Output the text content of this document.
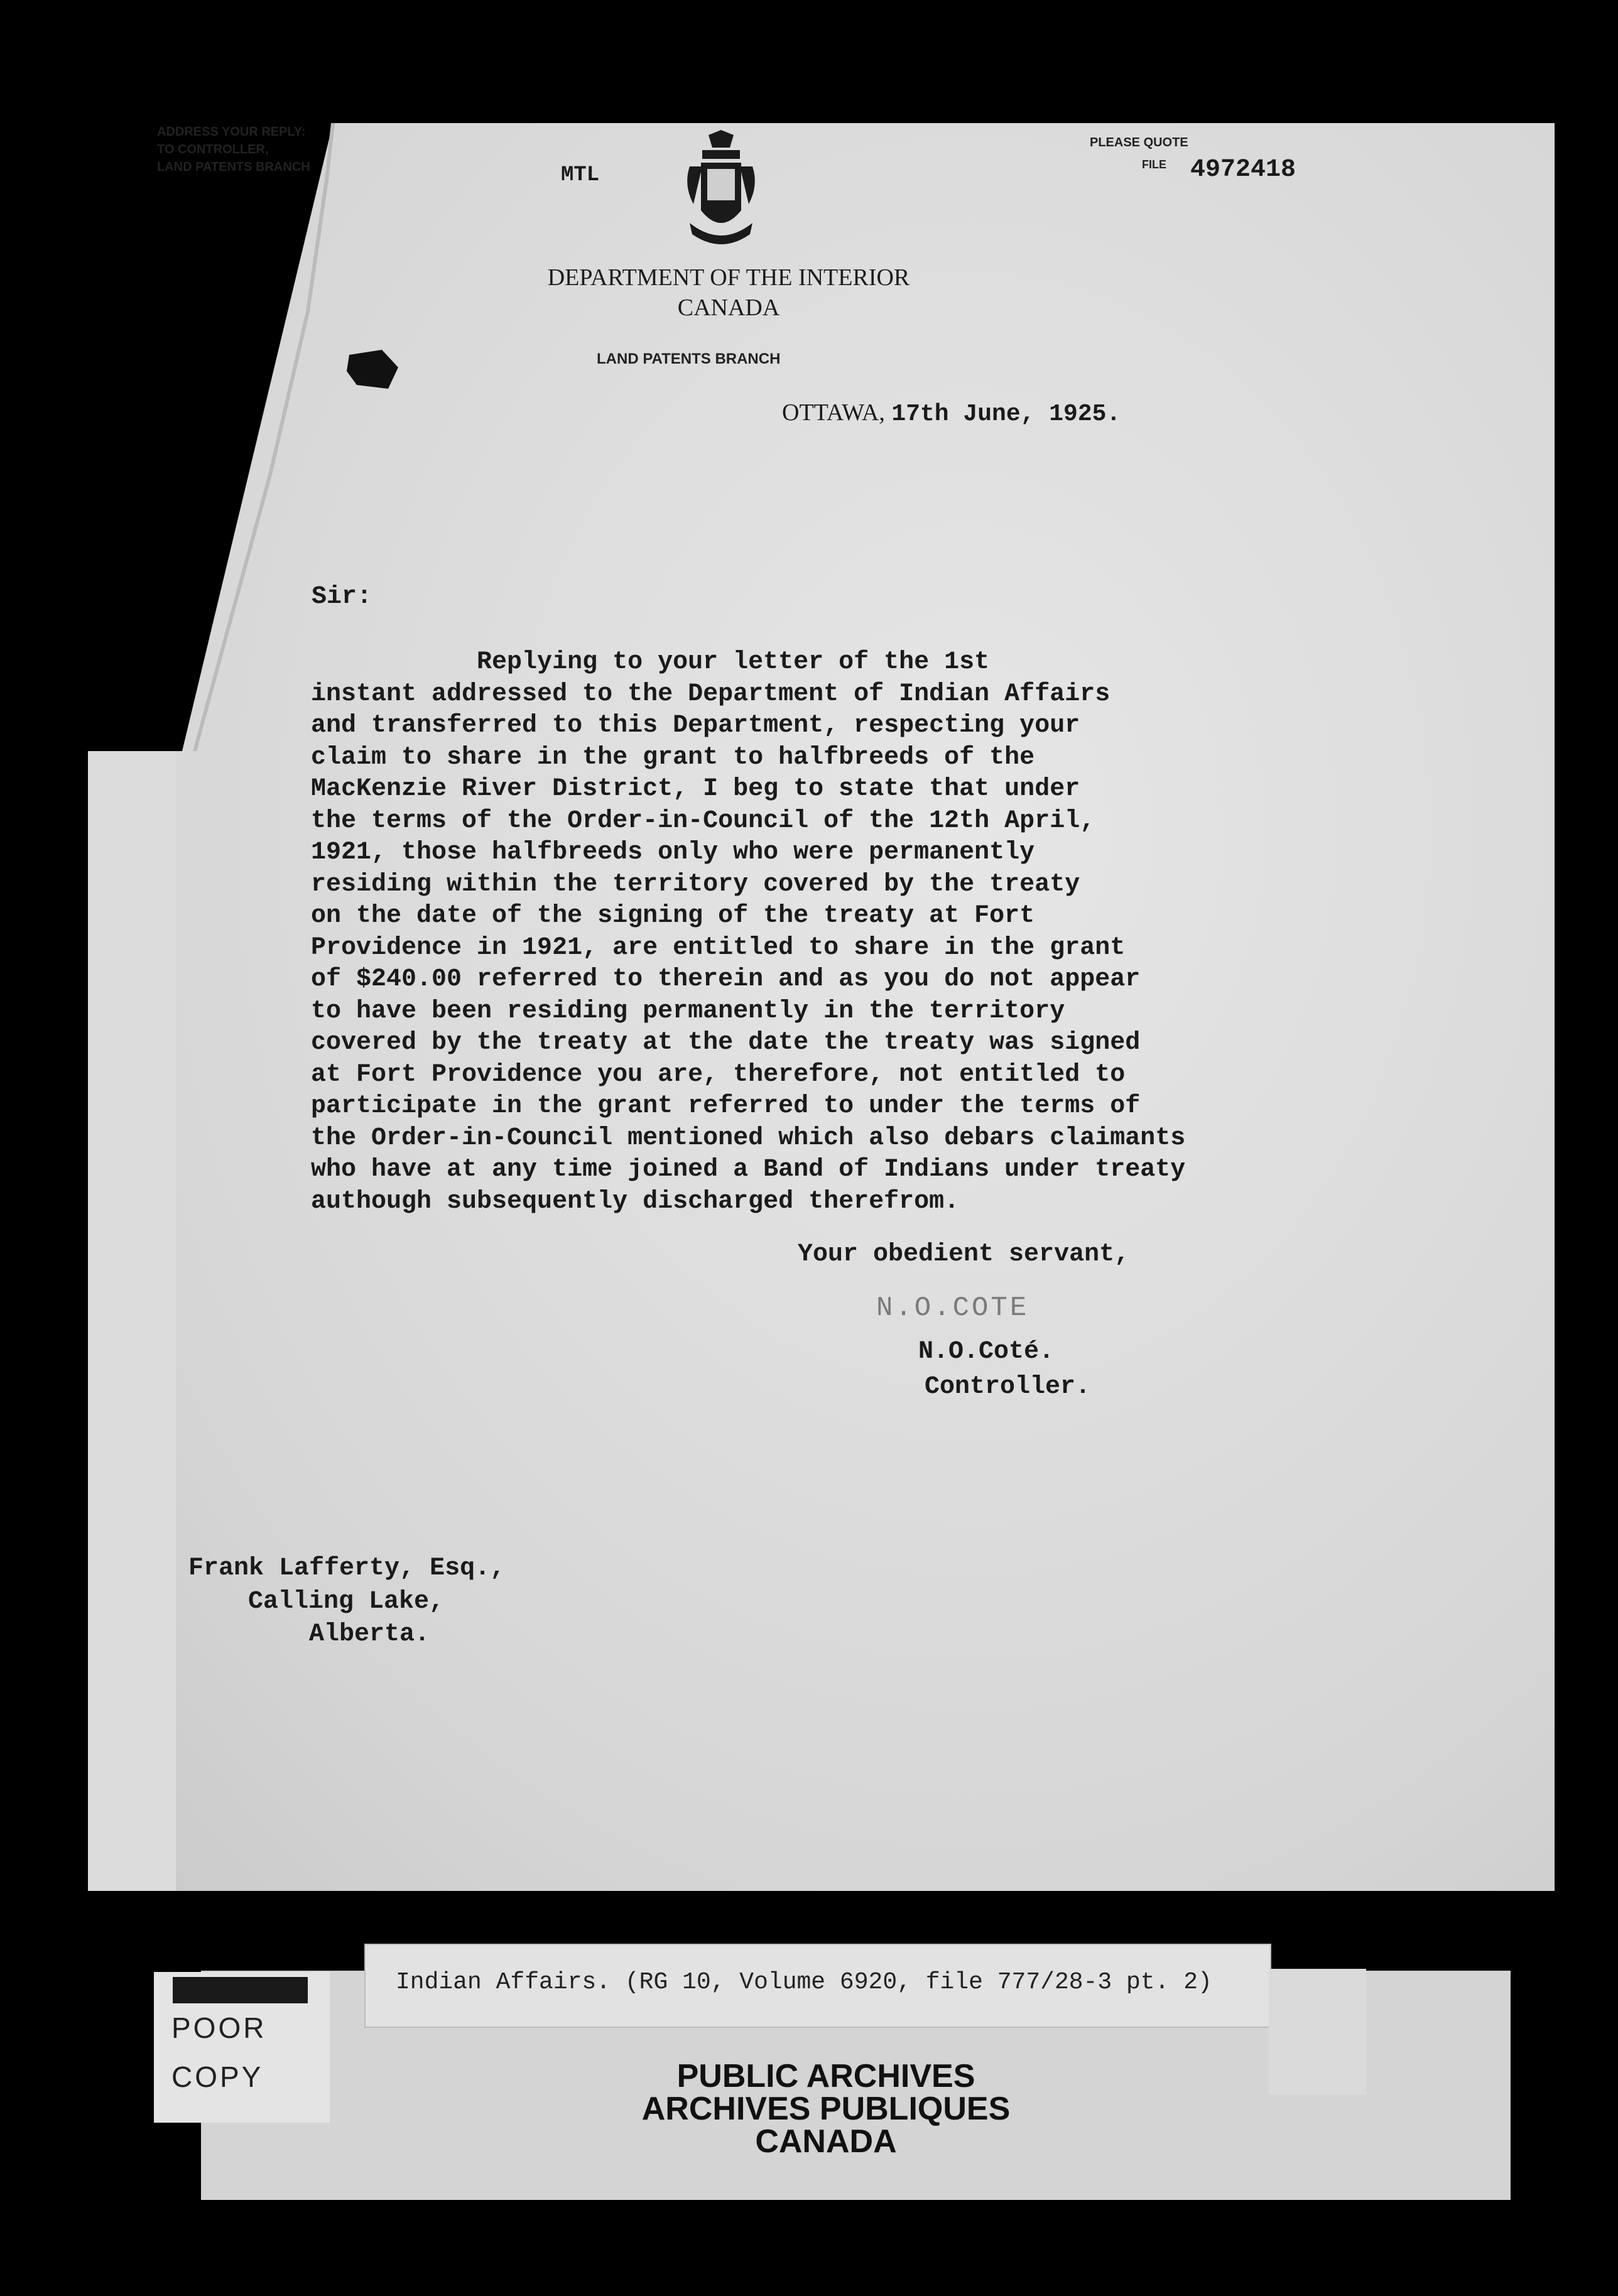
ADDRESS YOUR REPLY:
TO CONTROLLER,
LAND PATENTS BRANCH	MTL
PLEASE QUOTE
FILE 4972418
DEPARTMENT OF THE INTERIOR
CANADA
LAND PATENTS BRANCH
OTTAWA, 17th June, 1925.
Sir:
Replying to your letter of the 1st
instant addressed to the Department of Indian Affairs
and transferred to this Department, respecting your
claim to share in the grant to halfbreeds of the
MacKenzie River District, I beg to state that under
the terms of the Order-in-Council of the 12th April,
1921, those halfbreeds only who were permanently
residing within the territory covered by the treaty
on the date of the signing of the treaty at Fort
Providence in 1921, are entitled to share in the grant
of $240.00 referred to therein and as you do not appear
to have been residing permanently in the territory
covered by the treaty at the date the treaty was signed
at Fort Providence you are, therefore, not entitled to
participate in the grant referred to under the terms of
the Order-in-Council mentioned which also debars claimants
who have at any time joined a Band of Indians under treaty
authough subsequently discharged therefrom.
Your obedient servant,
N.O.COTE
N.O.Coté.
Controller.
Frank Lafferty, Esq.,
Calling Lake,
Alberta.
Indian Affairs. (RG 10, Volume 6920, file 777/28-3 pt. 2)
POOR
COPY	PUBLIC ARCHIVES
ARCHIVES PUBLIQUES
CANADA
